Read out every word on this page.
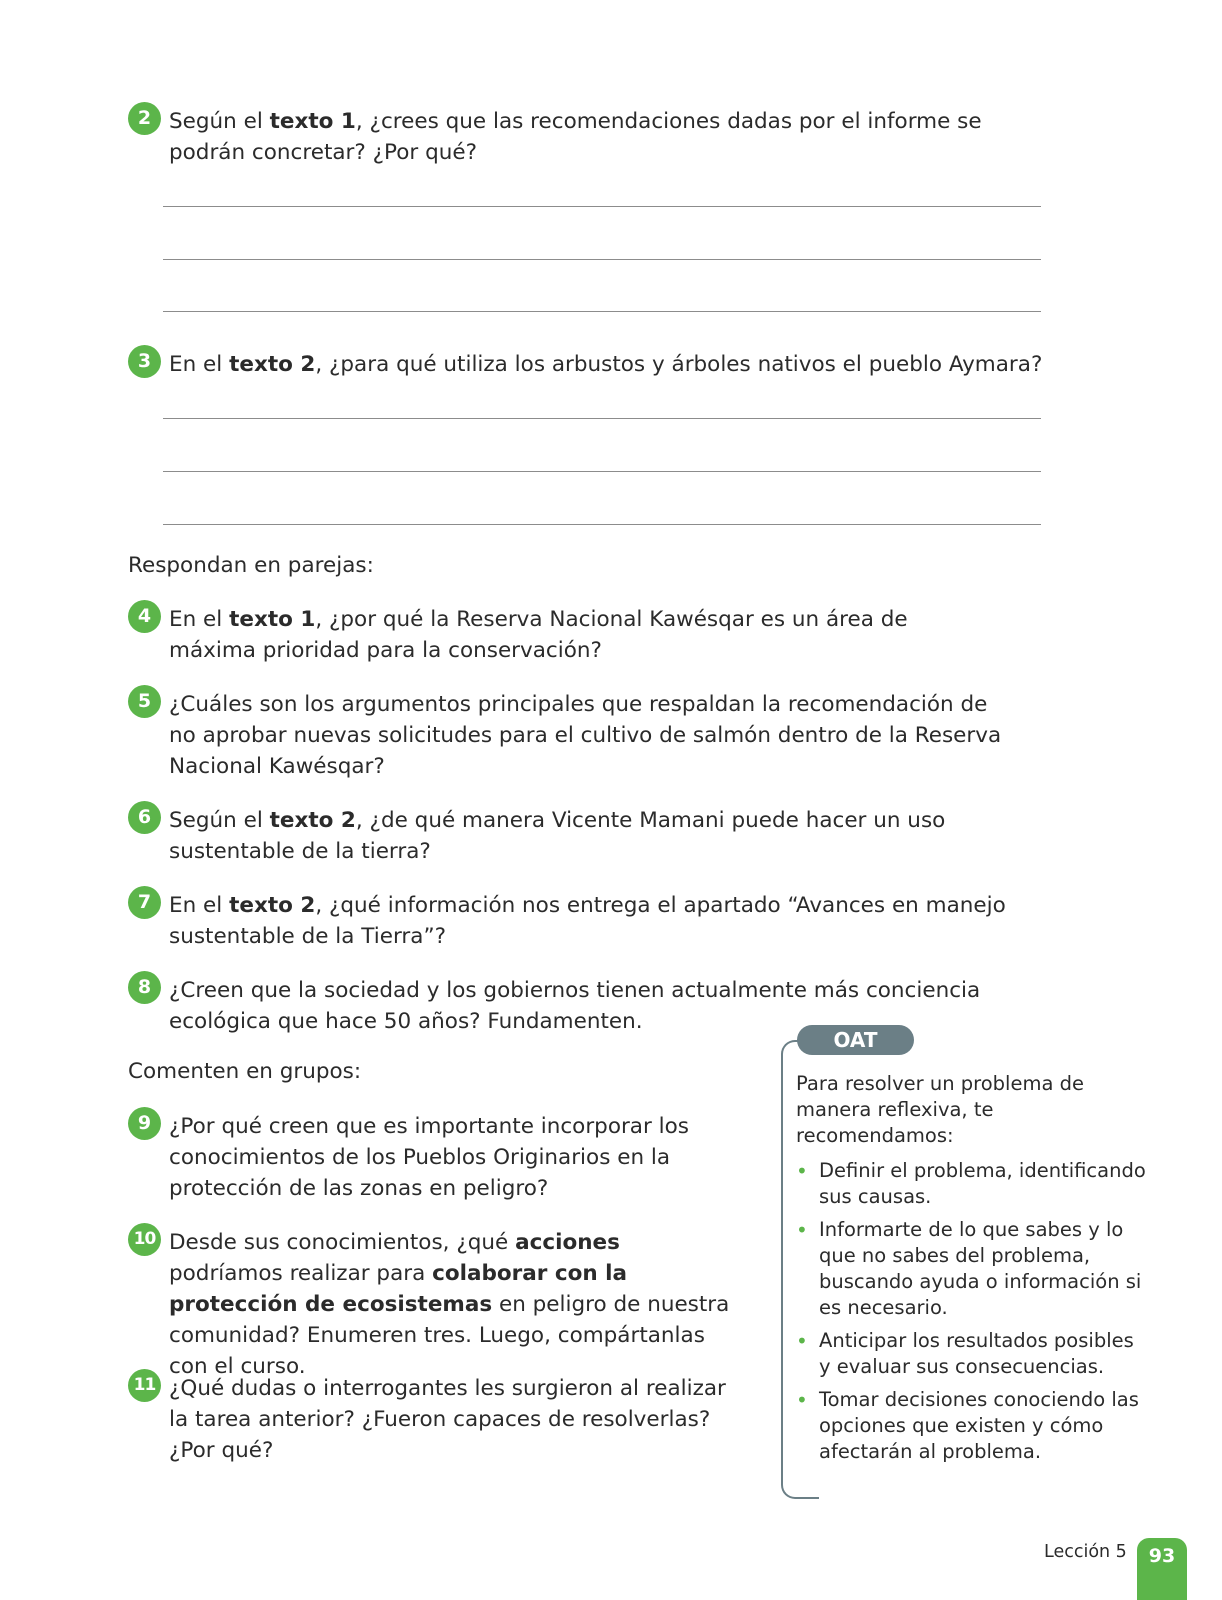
2 Según el texto 1, ¿crees que las recomendaciones dadas por el informe se podrán concretar? ¿Por qué?
3 En el texto 2, ¿para qué utiliza los arbustos y árboles nativos el pueblo Aymara?
Respondan en parejas:
4 En el texto 1, ¿por qué la Reserva Nacional Kawésqar es un área de máxima prioridad para la conservación?
5 ¿Cuáles son los argumentos principales que respaldan la recomendación de no aprobar nuevas solicitudes para el cultivo de salmón dentro de la Reserva Nacional Kawésqar?
6 Según el texto 2, ¿de qué manera Vicente Mamani puede hacer un uso sustentable de la tierra?
7 En el texto 2, ¿qué información nos entrega el apartado “Avances en manejo sustentable de la Tierra”?
8 ¿Creen que la sociedad y los gobiernos tienen actualmente más conciencia ecológica que hace 50 años? Fundamenten.
Comenten en grupos:
9 ¿Por qué creen que es importante incorporar los conocimientos de los Pueblos Originarios en la protección de las zonas en peligro?
10 Desde sus conocimientos, ¿qué acciones podríamos realizar para colaborar con la protección de ecosistemas en peligro de nuestra comunidad? Enumeren tres. Luego, compártanlas con el curso.
11 ¿Qué dudas o interrogantes les surgieron al realizar la tarea anterior? ¿Fueron capaces de resolverlas? ¿Por qué?
OAT
Para resolver un problema de manera reflexiva, te recomendamos:
• Definir el problema, identificando sus causas.
• Informarte de lo que sabes y lo que no sabes del problema, buscando ayuda o información si es necesario.
• Anticipar los resultados posibles y evaluar sus consecuencias.
• Tomar decisiones conociendo las opciones que existen y cómo afectarán al problema.
Lección 5	93
